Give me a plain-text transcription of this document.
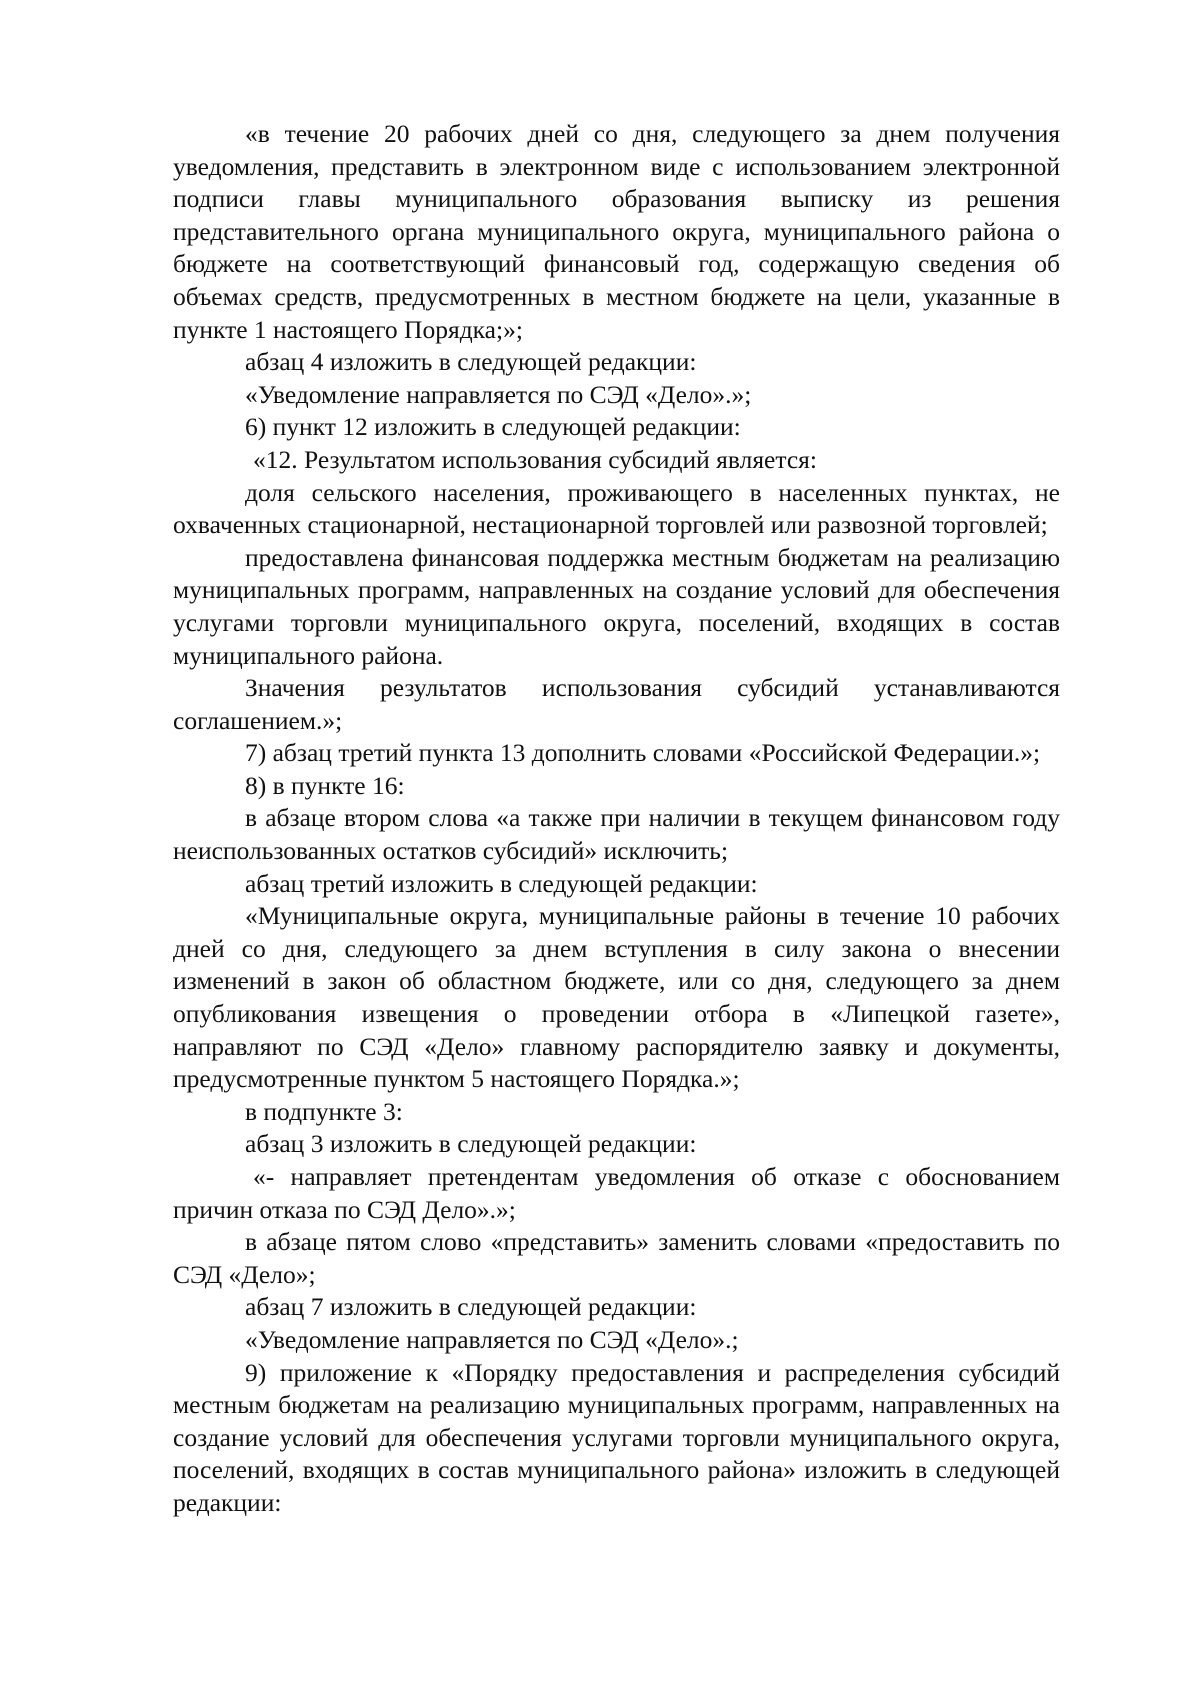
«в течение 20 рабочих дней со дня, следующего за днем получения уведомления, представить в электронном виде с использованием электронной подписи главы муниципального образования выписку из решения представительного органа муниципального округа, муниципального района о бюджете на соответствующий финансовый год, содержащую сведения об объемах средств, предусмотренных в местном бюджете на цели, указанные в пункте 1 настоящего Порядка;»;

абзац 4 изложить в следующей редакции:

«Уведомление направляется по СЭД «Дело».»;

6) пункт 12 изложить в следующей редакции:

«12. Результатом использования субсидий является:

доля сельского населения, проживающего в населенных пунктах, не охваченных стационарной, нестационарной торговлей или развозной торговлей;

предоставлена финансовая поддержка местным бюджетам на реализацию муниципальных программ, направленных на создание условий для обеспечения услугами торговли муниципального округа, поселений, входящих в состав муниципального района.

Значения результатов использования субсидий устанавливаются соглашением.»;

7) абзац третий пункта 13 дополнить словами «Российской Федерации.»;

8) в пункте 16:

в абзаце втором слова «а также при наличии в текущем финансовом году неиспользованных остатков субсидий» исключить;

абзац третий изложить в следующей редакции:

«Муниципальные округа, муниципальные районы в течение 10 рабочих дней со дня, следующего за днем вступления в силу закона о внесении изменений в закон об областном бюджете, или со дня, следующего за днем опубликования извещения о проведении отбора в «Липецкой газете», направляют по СЭД «Дело» главному распорядителю заявку и документы, предусмотренные пунктом 5 настоящего Порядка.»;

в подпункте 3:

абзац 3 изложить в следующей редакции:

«- направляет претендентам уведомления об отказе с обоснованием причин отказа по СЭД Дело».»;

в абзаце пятом слово «представить» заменить словами «предоставить по СЭД «Дело»;

абзац 7 изложить в следующей редакции:

«Уведомление направляется по СЭД «Дело».;

9) приложение к «Порядку предоставления и распределения субсидий местным бюджетам на реализацию муниципальных программ, направленных на создание условий для обеспечения услугами торговли муниципального округа, поселений, входящих в состав муниципального района» изложить в следующей редакции:
